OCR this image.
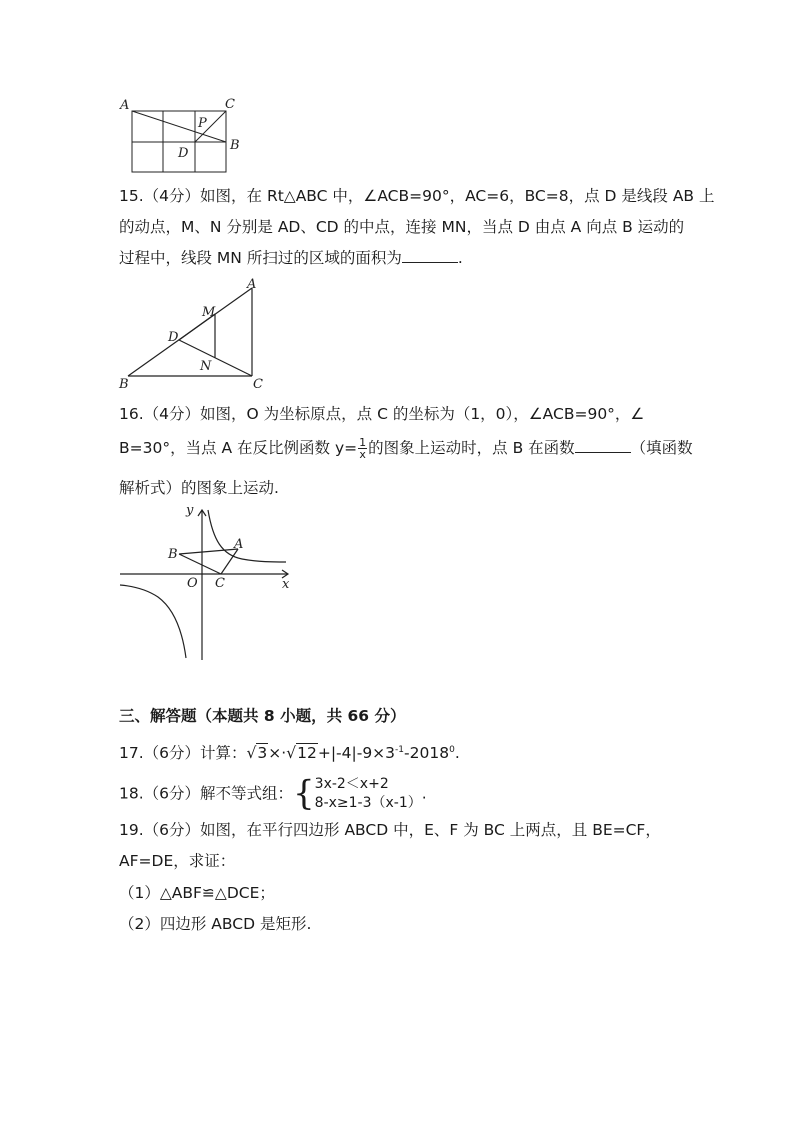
A	C
P
D
B
15.（4分）如图，在 Rt△ABC 中，∠ACB=90°，AC=6，BC=8，点 D 是线段 AB 上
的动点，M、N 分别是 AD、CD 的中点，连接 MN，当点 D 由点 A 向点 B 运动的
过程中，线段 MN 所扫过的区域的面积为	.
A
M
D
N
B	C
16.（4分）如图，O 为坐标原点，点 C 的坐标为（1，0），∠ACB=90°，∠
B=30°，当点 A 在反比例函数 $y= \frac{1}{x}$ 的图象上运动时，点 B 在函数	（填函数
解析式）的图象上运动.
y
B
A
O C	x
三、解答题（本题共 8 小题，共 66 分）
17.（6分）计算：$√3\times\cdot√12+|-4|-9\times 3^{-1}-2018^0$.
18.（6分）解不等式组：{ 3x-2＜x+2
8-x≥1-3（x-1） .
19.（6分）如图，在平行四边形 ABCD 中，E、F 为 BC 上两点，且 BE=CF，
AF=DE，求证：
（1）△ABF≌△DCE；
（2）四边形 ABCD 是矩形.
